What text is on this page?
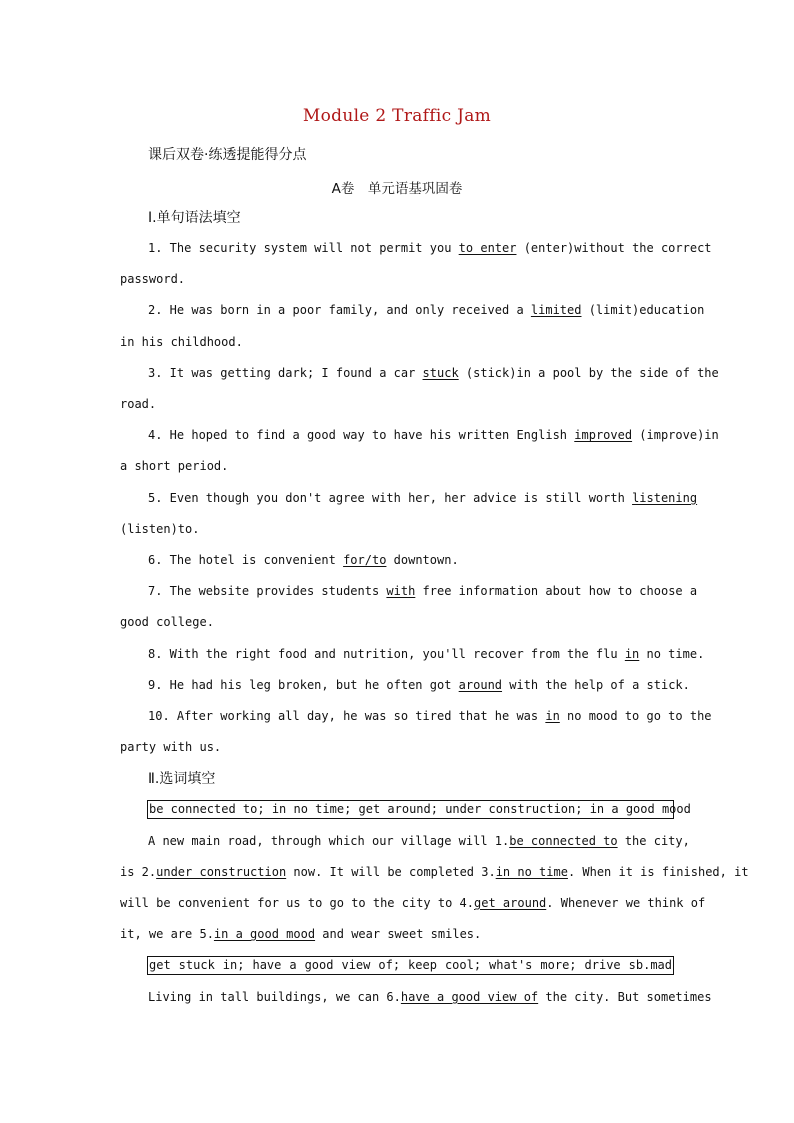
Module 2 Traffic Jam
课后双卷·练透提能得分点
A卷　单元语基巩固卷
Ⅰ.单句语法填空
1. The security system will not permit you to enter (enter)without the correct
password.
2. He was born in a poor family, and only received a limited (limit)education
in his childhood.
3. It was getting dark; I found a car stuck (stick)in a pool by the side of the
road.
4. He hoped to find a good way to have his written English improved (improve)in
a short period.
5. Even though you don't agree with her, her advice is still worth listening
(listen)to.
6. The hotel is convenient for/to downtown.
7. The website provides students with free information about how to choose a
good college.
8. With the right food and nutrition, you'll recover from the flu in no time.
9. He had his leg broken, but he often got around with the help of a stick.
10. After working all day, he was so tired that he was in no mood to go to the
party with us.
Ⅱ.选词填空
be connected to; in no time; get around; under construction; in a good mood
A new main road, through which our village will 1.be connected to the city,
is 2.under construction now. It will be completed 3.in no time. When it is finished, it
will be convenient for us to go to the city to 4.get around. Whenever we think of
it, we are 5.in a good mood and wear sweet smiles.
get stuck in; have a good view of; keep cool; what's more; drive sb.mad
Living in tall buildings, we can 6.have a good view of the city. But sometimes
